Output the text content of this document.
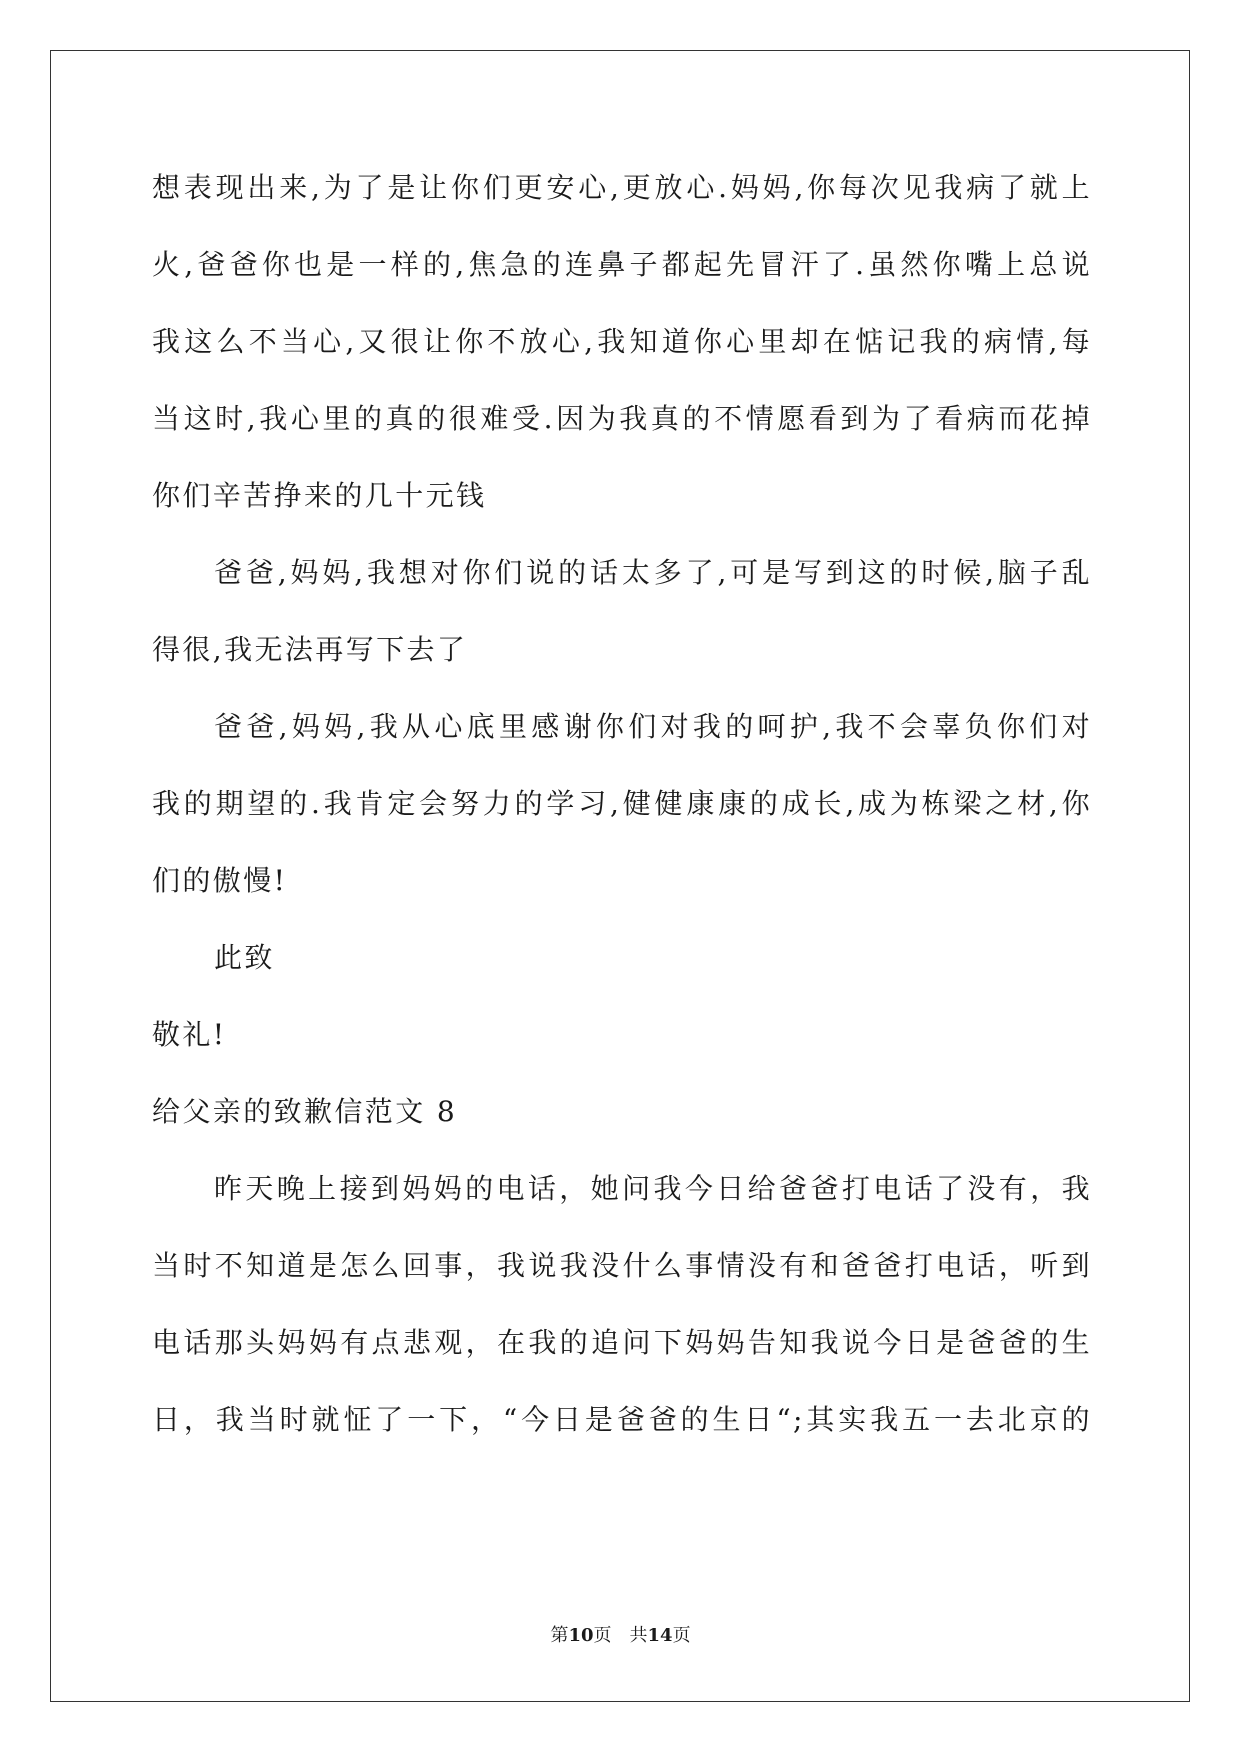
想表现出来,为了是让你们更安心,更放心.妈妈,你每次见我病了就上
火,爸爸你也是一样的,焦急的连鼻子都起先冒汗了.虽然你嘴上总说
我这么不当心,又很让你不放心,我知道你心里却在惦记我的病情,每
当这时,我心里的真的很难受.因为我真的不情愿看到为了看病而花掉
你们辛苦挣来的几十元钱
爸爸,妈妈,我想对你们说的话太多了,可是写到这的时候,脑子乱
得很,我无法再写下去了
爸爸,妈妈,我从心底里感谢你们对我的呵护,我不会辜负你们对
我的期望的.我肯定会努力的学习,健健康康的成长,成为栋梁之材,你
们的傲慢!
此致
敬礼!
给父亲的致歉信范文 8
昨天晚上接到妈妈的电话，她问我今日给爸爸打电话了没有，我
当时不知道是怎么回事，我说我没什么事情没有和爸爸打电话，听到
电话那头妈妈有点悲观，在我的追问下妈妈告知我说今日是爸爸的生
日，我当时就怔了一下，“今日是爸爸的生日“;其实我五一去北京的
第10页　共14页
